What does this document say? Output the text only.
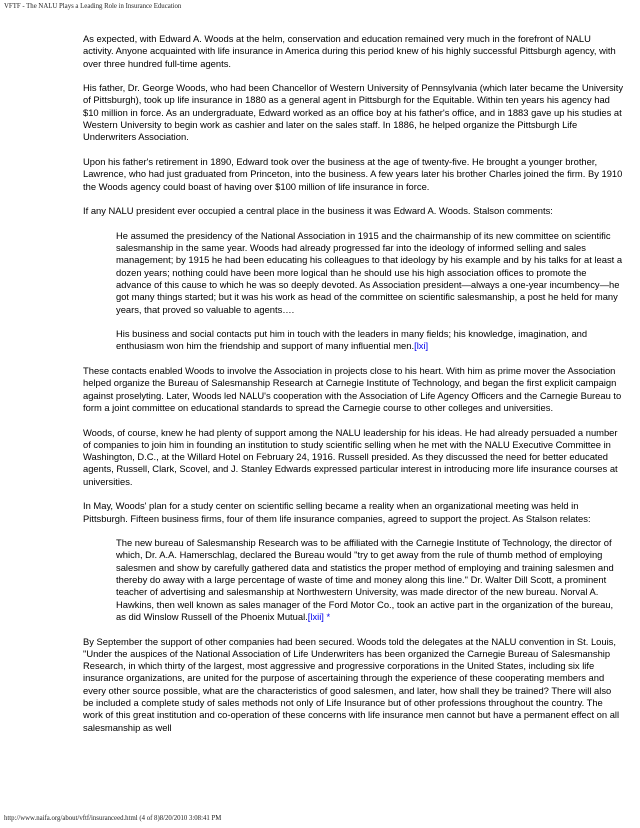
VFTF - The NALU Plays a Leading Role in Insurance Education

As expected, with Edward A. Woods at the helm, conservation and education remained very much in the forefront of NALU activity. Anyone acquainted with life insurance in America during this period knew of his highly successful Pittsburgh agency, with over three hundred full-time agents.

His father, Dr. George Woods, who had been Chancellor of Western University of Pennsylvania (which later became the University of Pittsburgh), took up life insurance in 1880 as a general agent in Pittsburgh for the Equitable. Within ten years his agency had $10 million in force. As an undergraduate, Edward worked as an office boy at his father's office, and in 1883 gave up his studies at Western University to begin work as cashier and later on the sales staff. In 1886, he helped organize the Pittsburgh Life Underwriters Association.

Upon his father's retirement in 1890, Edward took over the business at the age of twenty-five. He brought a younger brother, Lawrence, who had just graduated from Princeton, into the business. A few years later his brother Charles joined the firm. By 1910 the Woods agency could boast of having over $100 million of life insurance in force.

If any NALU president ever occupied a central place in the business it was Edward A. Woods. Stalson comments:

He assumed the presidency of the National Association in 1915 and the chairmanship of its new committee on scientific salesmanship in the same year. Woods had already progressed far into the ideology of informed selling and sales management; by 1915 he had been educating his colleagues to that ideology by his example and by his talks for at least a dozen years; nothing could have been more logical than he should use his high association offices to promote the advance of this cause to which he was so deeply devoted. As Association president—always a one-year incumbency—he got many things started; but it was his work as head of the committee on scientific salesmanship, a post he held for many years, that proved so valuable to agents….

His business and social contacts put him in touch with the leaders in many fields; his knowledge, imagination, and enthusiasm won him the friendship and support of many influential men.[lxi]

These contacts enabled Woods to involve the Association in projects close to his heart. With him as prime mover the Association helped organize the Bureau of Salesmanship Research at Carnegie Institute of Technology, and began the first explicit campaign against proselyting. Later, Woods led NALU's cooperation with the Association of Life Agency Officers and the Carnegie Bureau to form a joint committee on educational standards to spread the Carnegie course to other colleges and universities.

Woods, of course, knew he had plenty of support among the NALU leadership for his ideas. He had already persuaded a number of companies to join him in founding an institution to study scientific selling when he met with the NALU Executive Committee in Washington, D.C., at the Willard Hotel on February 24, 1916. Russell presided. As they discussed the need for better educated agents, Russell, Clark, Scovel, and J. Stanley Edwards expressed particular interest in introducing more life insurance courses at universities.

In May, Woods' plan for a study center on scientific selling became a reality when an organizational meeting was held in Pittsburgh. Fifteen business firms, four of them life insurance companies, agreed to support the project. As Stalson relates:

The new bureau of Salesmanship Research was to be affiliated with the Carnegie Institute of Technology, the director of which, Dr. A.A. Hamerschlag, declared the Bureau would "try to get away from the rule of thumb method of employing salesmen and show by carefully gathered data and statistics the proper method of employing and training salesmen and thereby do away with a large percentage of waste of time and money along this line." Dr. Walter Dill Scott, a prominent teacher of advertising and salesmanship at Northwestern University, was made director of the new bureau. Norval A. Hawkins, then well known as sales manager of the Ford Motor Co., took an active part in the organization of the bureau, as did Winslow Russell of the Phoenix Mutual.[lxii] *

By September the support of other companies had been secured. Woods told the delegates at the NALU convention in St. Louis, "Under the auspices of the National Association of Life Underwriters has been organized the Carnegie Bureau of Salesmanship Research, in which thirty of the largest, most aggressive and progressive corporations in the United States, including six life insurance organizations, are united for the purpose of ascertaining through the experience of these cooperating members and every other source possible, what are the characteristics of good salesmen, and later, how shall they be trained? There will also be included a complete study of sales methods not only of Life Insurance but of other professions throughout the country. The work of this great institution and co-operation of these concerns with life insurance men cannot but have a permanent effect on all salesmanship as well

http://www.naifa.org/about/vftf/insuranceed.html (4 of 8)8/20/2010 3:08:41 PM
